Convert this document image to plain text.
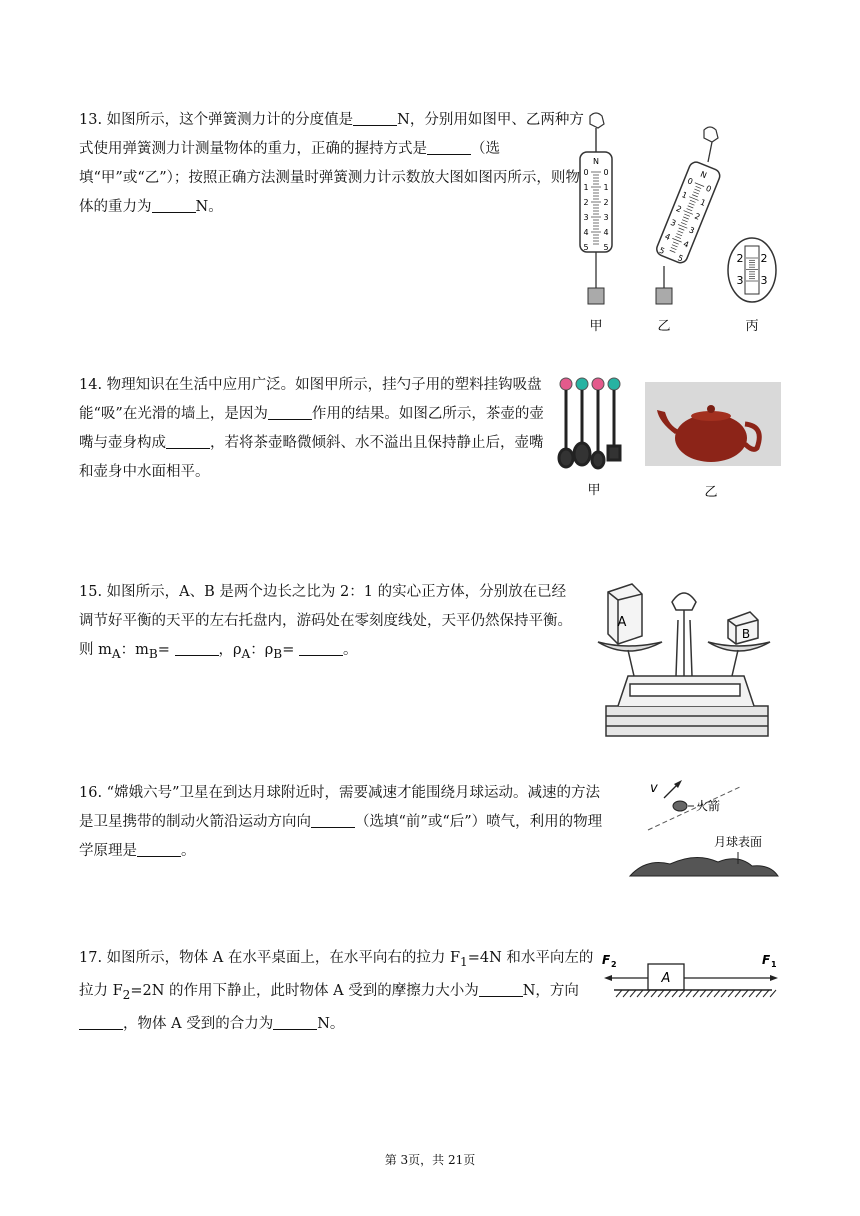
13. 如图所示，这个弹簧测力计的分度值是	N，分别用如图甲、乙两种方式使用弹簧测力计测量物体的重力，正确的握持方式是	（选填“甲”或“乙”）；按照正确方法测量时弹簧测力计示数放大图如图丙所示，则物体的重力为	N。

N
0 0
1 1
2 2
3 3
4 4
5 5
甲
N
0
0
1
1
2
2
3
3
4
4
5
5
乙
2 2
3 3
丙

14. 物理知识在生活中应用广泛。如图甲所示，挂勺子用的塑料挂钩吸盘能“吸”在光滑的墙上，是因为	作用的结果。如图乙所示，茶壶的壶嘴与壶身构成	，若将茶壶略微倾斜、水不溢出且保持静止后，壶嘴和壶身中水面相平。

甲	乙

15. 如图所示，A、B 是两个边长之比为 2：1 的实心正方体，分别放在已经调节好平衡的天平的左右托盘内，游码处在零刻度线处，天平仍然保持平衡。则 $m_A$：$m_B=$	，$\rho_A$：$\rho_B=$	。

A
B

16. “嫦娥六号”卫星在到达月球附近时，需要减速才能围绕月球运动。减速的方法是卫星携带的制动火箭沿运动方向向	（选填“前”或“后”）喷气，利用的物理学原理是	。

v
火箭
月球表面

17. 如图所示，物体 A 在水平桌面上，在水平向右的拉力 $F_1=4N$ 和水平向左的拉力 $F_2=2N$ 的作用下静止，此时物体 A 受到的摩擦力大小为	N，方向，物体 A 受到的合力为	N。

F 2	F 1
A
第 3页，共 21页
